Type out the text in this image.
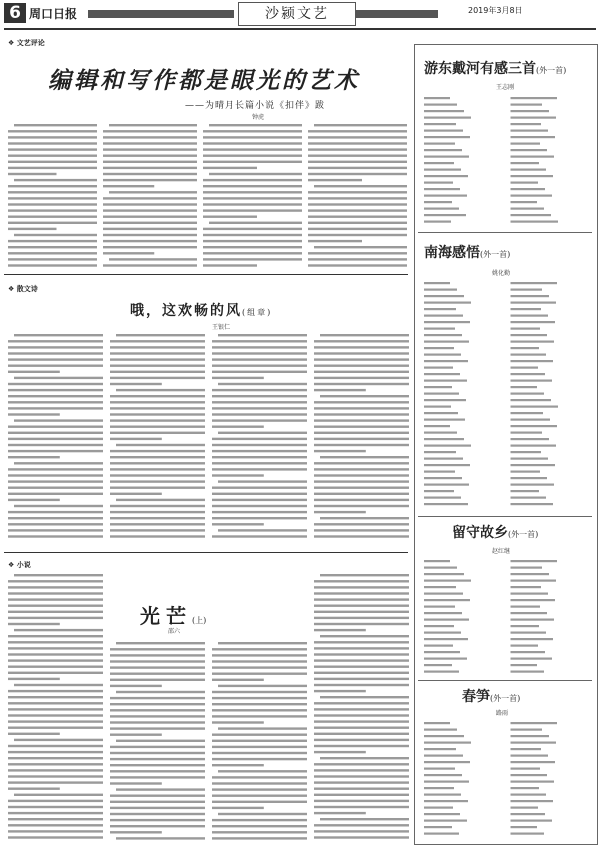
6 周口日报	沙颍文艺	2019年3月8日
❖ 文艺评论
编辑和写作都是眼光的艺术
——为晴月长篇小说《扣伴》跋
钟虎
❖ 散文诗
哦，这欢畅的风(组章)
王银仁
❖ 小说
光芒(上)
邵六
游东戴河有感三首(外一首)
王志刚
南海感悟(外一首)
姚化勤
留守故乡(外一首)
赵红继
春笋(外一首)
路雨
